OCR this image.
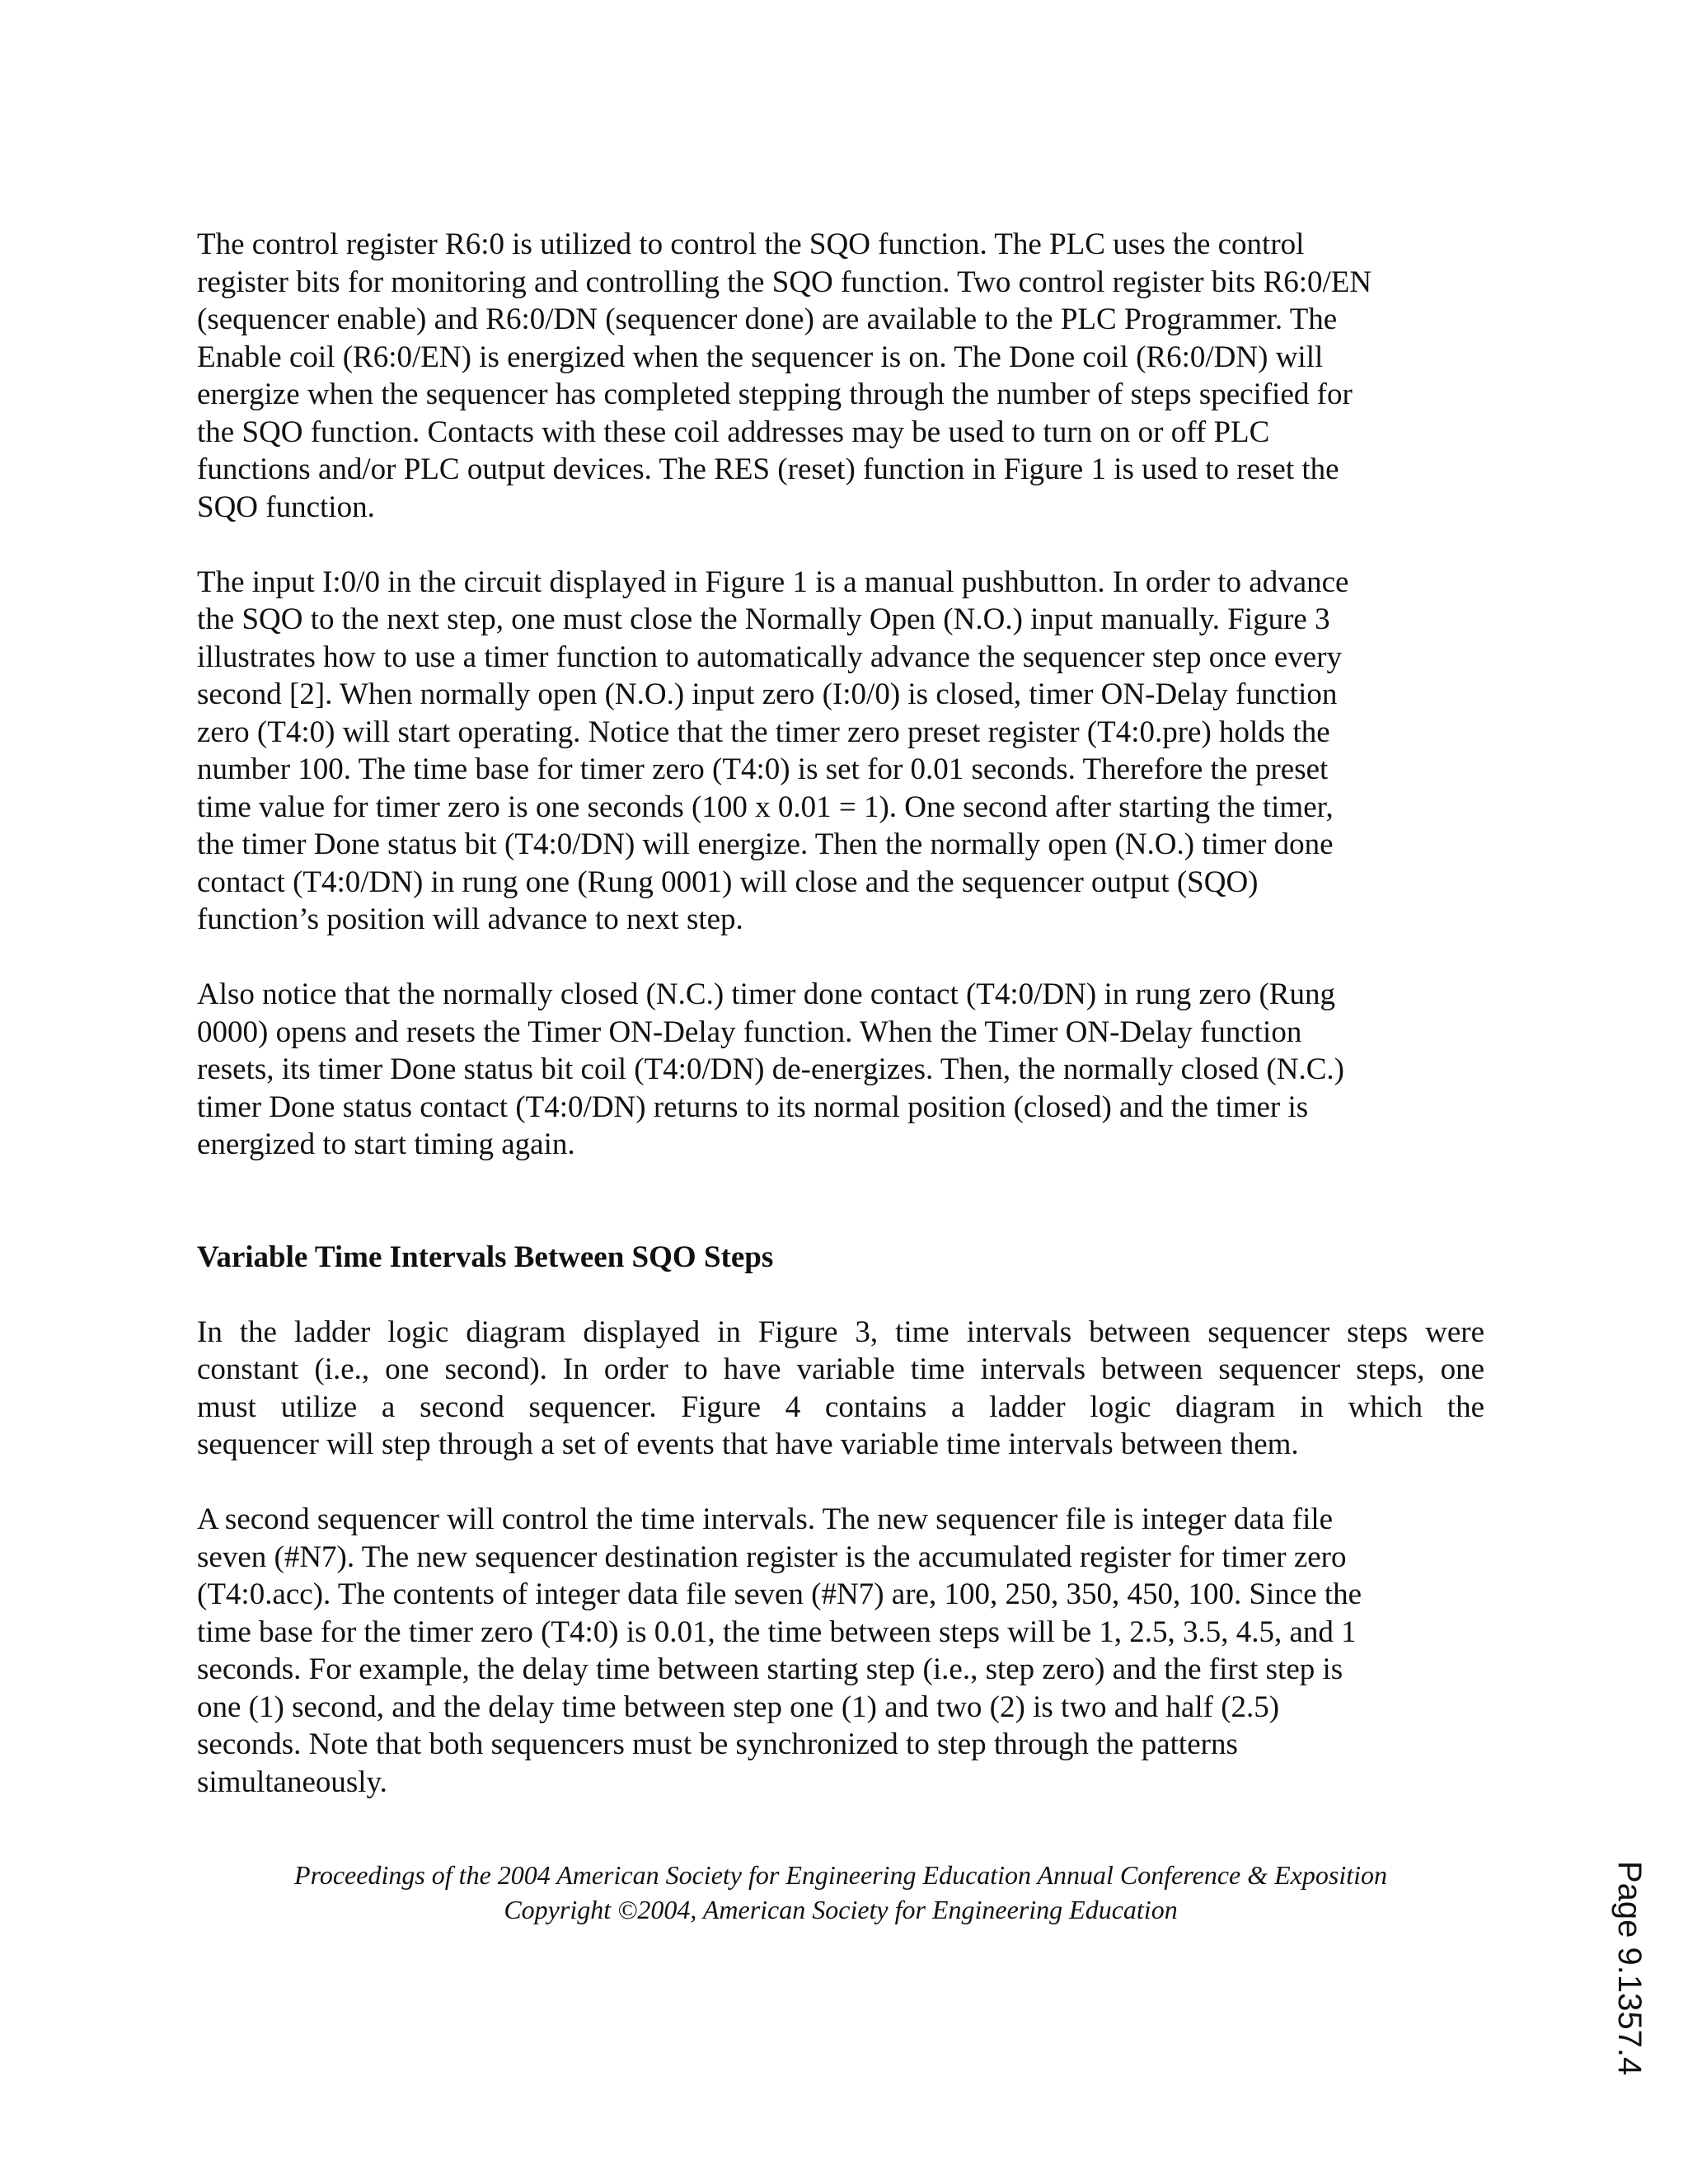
The control register R6:0 is utilized to control the SQO function. The PLC uses the control
register bits for monitoring and controlling the SQO function. Two control register bits R6:0/EN
(sequencer enable) and R6:0/DN (sequencer done) are available to the PLC Programmer. The
Enable coil (R6:0/EN) is energized when the sequencer is on. The Done coil (R6:0/DN) will
energize when the sequencer has completed stepping through the number of steps specified for
the SQO function. Contacts with these coil addresses may be used to turn on or off PLC
functions and/or PLC output devices. The RES (reset) function in Figure 1 is used to reset the
SQO function.

The input I:0/0 in the circuit displayed in Figure 1 is a manual pushbutton. In order to advance
the SQO to the next step, one must close the Normally Open (N.O.) input manually. Figure 3
illustrates how to use a timer function to automatically advance the sequencer step once every
second [2]. When normally open (N.O.) input zero (I:0/0) is closed, timer ON-Delay function
zero (T4:0) will start operating. Notice that the timer zero preset register (T4:0.pre) holds the
number 100. The time base for timer zero (T4:0) is set for 0.01 seconds. Therefore the preset
time value for timer zero is one seconds (100 x 0.01 = 1). One second after starting the timer,
the timer Done status bit (T4:0/DN) will energize. Then the normally open (N.O.) timer done
contact (T4:0/DN) in rung one (Rung 0001) will close and the sequencer output (SQO)
function’s position will advance to next step.

Also notice that the normally closed (N.C.) timer done contact (T4:0/DN) in rung zero (Rung
0000) opens and resets the Timer ON-Delay function. When the Timer ON-Delay function
resets, its timer Done status bit coil (T4:0/DN) de-energizes. Then, the normally closed (N.C.)
timer Done status contact (T4:0/DN) returns to its normal position (closed) and the timer is
energized to start timing again.

Variable Time Intervals Between SQO Steps

In the ladder logic diagram displayed in Figure 3, time intervals between sequencer steps were
constant (i.e., one second). In order to have variable time intervals between sequencer steps, one
must utilize a second sequencer. Figure 4 contains a ladder logic diagram in which the
sequencer will step through a set of events that have variable time intervals between them.

A second sequencer will control the time intervals. The new sequencer file is integer data file
seven (#N7). The new sequencer destination register is the accumulated register for timer zero
(T4:0.acc). The contents of integer data file seven (#N7) are, 100, 250, 350, 450, 100. Since the
time base for the timer zero (T4:0) is 0.01, the time between steps will be 1, 2.5, 3.5, 4.5, and 1
seconds. For example, the delay time between starting step (i.e., step zero) and the first step is
one (1) second, and the delay time between step one (1) and two (2) is two and half (2.5)
seconds. Note that both sequencers must be synchronized to step through the patterns
simultaneously.

Proceedings of the 2004 American Society for Engineering Education Annual Conference & Exposition
Copyright ©2004, American Society for Engineering Education	Page 9.1357.4
